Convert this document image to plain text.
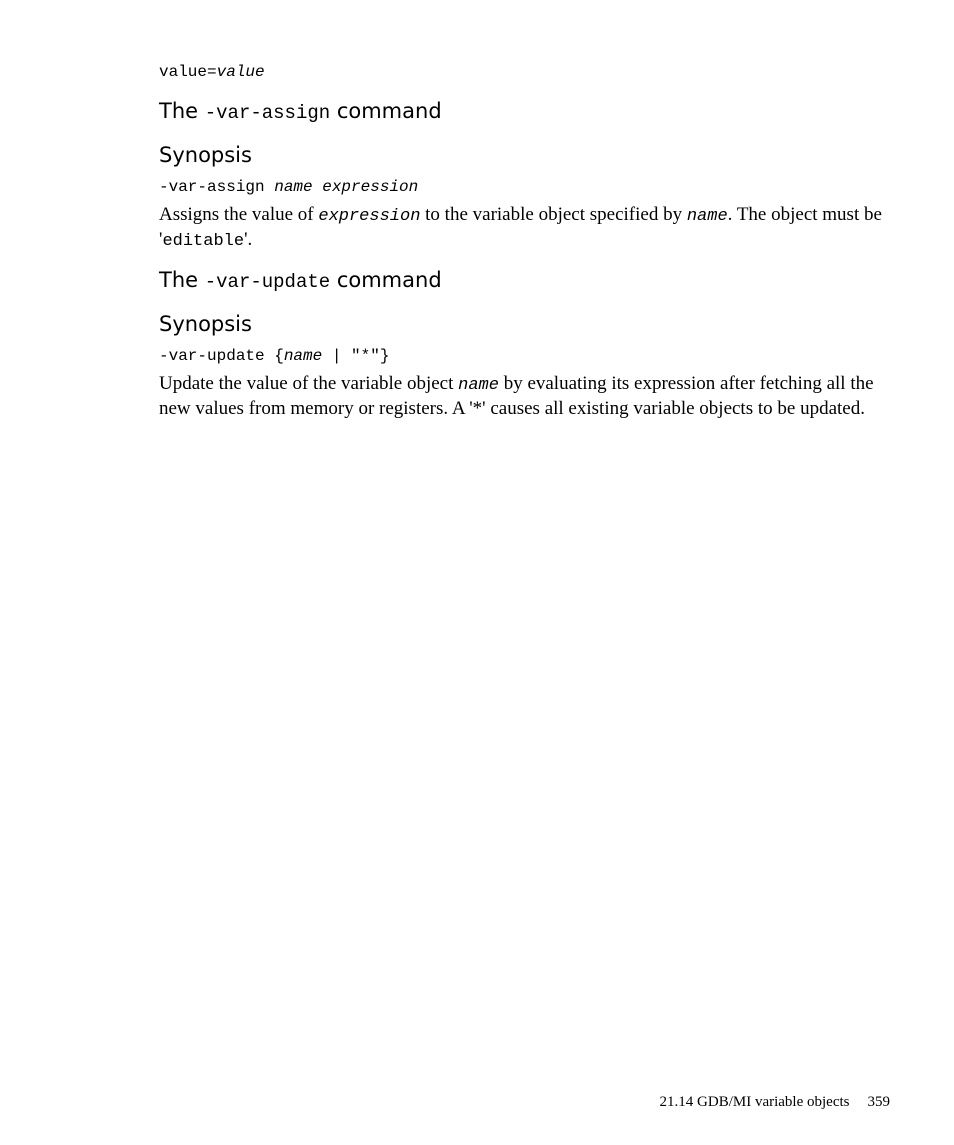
value=value
The -var-assign command
Synopsis
-var-assign name expression

Assigns the value of expression to the variable object specified by name. The object must be 'editable'.

The -var-update command
Synopsis
-var-update {name | "*"}

Update the value of the variable object name by evaluating its expression after fetching all the new values from memory or registers. A '*' causes all existing variable objects to be updated.

21.14 GDB/MI variable objects 359
